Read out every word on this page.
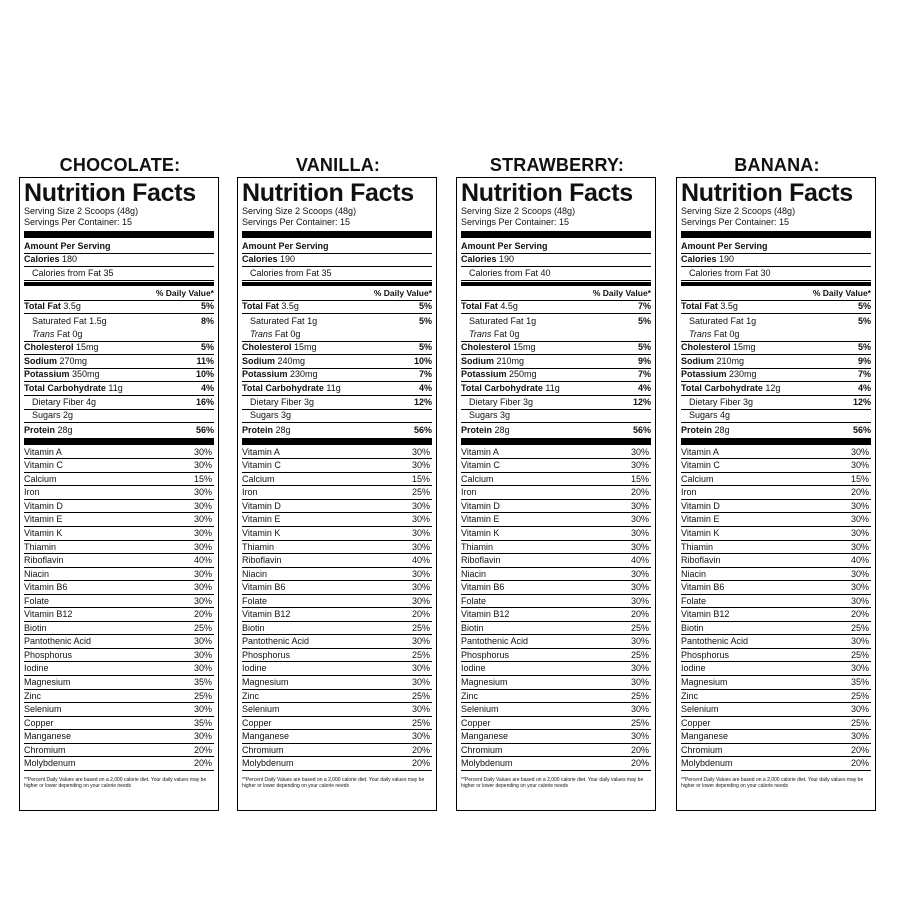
CHOCOLATE:	VANILLA:	STRAWBERRY:	BANANA:
Nutrition Facts
Serving Size 2 Scoops (48g)
Servings Per Container: 15
Amount Per Serving
Calories 180
Calories from Fat 35
% Daily Value*
Total Fat 3.5g	5%
Saturated Fat 1.5g	8%
Trans Fat 0g
Cholesterol 15mg	5%
Sodium 270mg	11%
Potassium 350mg	10%
Total Carbohydrate 11g	4%
Dietary Fiber 4g	16%
Sugars 2g
Protein 28g	56%
Vitamin A	30%
Vitamin C	30%
Calcium	15%
Iron	30%
Vitamin D	30%
Vitamin E	30%
Vitamin K	30%
Thiamin	30%
Riboflavin	40%
Niacin	30%
Vitamin B6	30%
Folate	30%
Vitamin B12	20%
Biotin	25%
Pantothenic Acid	30%
Phosphorus	30%
Iodine	30%
Magnesium	35%
Zinc	25%
Selenium	30%
Copper	35%
Manganese	30%
Chromium	20%
Molybdenum	20%
**Percent Daily Values are based on a 2,000 calorie diet. Your daily values may be higher or lower depending on your calorie needs
Nutrition Facts
Serving Size 2 Scoops (48g)
Servings Per Container: 15
Amount Per Serving
Calories 190
Calories from Fat 35
% Daily Value*
Total Fat 3.5g	5%
Saturated Fat 1g	5%
Trans Fat 0g
Cholesterol 15mg	5%
Sodium 240mg	10%
Potassium 230mg	7%
Total Carbohydrate 11g	4%
Dietary Fiber 3g	12%
Sugars 3g
Protein 28g	56%
Vitamin A	30%
Vitamin C	30%
Calcium	15%
Iron	25%
Vitamin D	30%
Vitamin E	30%
Vitamin K	30%
Thiamin	30%
Riboflavin	40%
Niacin	30%
Vitamin B6	30%
Folate	30%
Vitamin B12	20%
Biotin	25%
Pantothenic Acid	30%
Phosphorus	25%
Iodine	30%
Magnesium	30%
Zinc	25%
Selenium	30%
Copper	25%
Manganese	30%
Chromium	20%
Molybdenum	20%
**Percent Daily Values are based on a 2,000 calorie diet. Your daily values may be higher or lower depending on your calorie needs
Nutrition Facts
Serving Size 2 Scoops (48g)
Servings Per Container: 15
Amount Per Serving
Calories 190
Calories from Fat 40
% Daily Value*
Total Fat 4.5g	7%
Saturated Fat 1g	5%
Trans Fat 0g
Cholesterol 15mg	5%
Sodium 210mg	9%
Potassium 250mg	7%
Total Carbohydrate 11g	4%
Dietary Fiber 3g	12%
Sugars 3g
Protein 28g	56%
Vitamin A	30%
Vitamin C	30%
Calcium	15%
Iron	20%
Vitamin D	30%
Vitamin E	30%
Vitamin K	30%
Thiamin	30%
Riboflavin	40%
Niacin	30%
Vitamin B6	30%
Folate	30%
Vitamin B12	20%
Biotin	25%
Pantothenic Acid	30%
Phosphorus	25%
Iodine	30%
Magnesium	30%
Zinc	25%
Selenium	30%
Copper	25%
Manganese	30%
Chromium	20%
Molybdenum	20%
**Percent Daily Values are based on a 2,000 calorie diet. Your daily values may be higher or lower depending on your calorie needs
Nutrition Facts
Serving Size 2 Scoops (48g)
Servings Per Container: 15
Amount Per Serving
Calories 190
Calories from Fat 30
% Daily Value*
Total Fat 3.5g	5%
Saturated Fat 1g	5%
Trans Fat 0g
Cholesterol 15mg	5%
Sodium 210mg	9%
Potassium 230mg	7%
Total Carbohydrate 12g	4%
Dietary Fiber 3g	12%
Sugars 4g
Protein 28g	56%
Vitamin A	30%
Vitamin C	30%
Calcium	15%
Iron	20%
Vitamin D	30%
Vitamin E	30%
Vitamin K	30%
Thiamin	30%
Riboflavin	40%
Niacin	30%
Vitamin B6	30%
Folate	30%
Vitamin B12	20%
Biotin	25%
Pantothenic Acid	30%
Phosphorus	25%
Iodine	30%
Magnesium	35%
Zinc	25%
Selenium	30%
Copper	25%
Manganese	30%
Chromium	20%
Molybdenum	20%
**Percent Daily Values are based on a 2,000 calorie diet. Your daily values may be higher or lower depending on your calorie needs
